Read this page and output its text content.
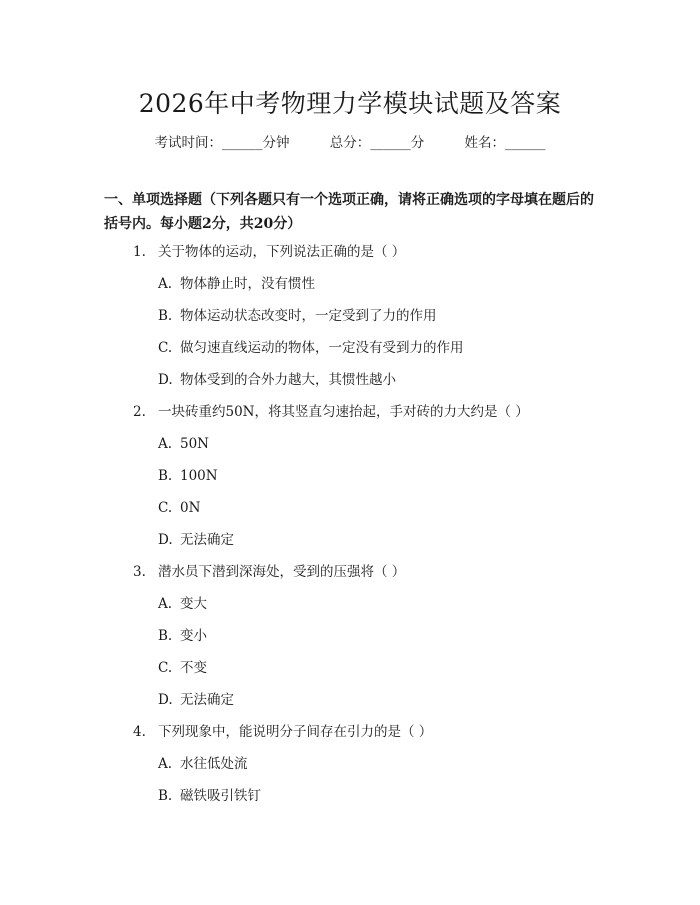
2026年中考物理力学模块试题及答案
考试时间：______分钟	总分：______分	姓名：______
一、单项选择题（下列各题只有一个选项正确，请将正确选项的字母填在题后的括号内。每小题2分，共20分）
1. 关于物体的运动，下列说法正确的是（ ）
A. 物体静止时，没有惯性
B. 物体运动状态改变时，一定受到了力的作用
C. 做匀速直线运动的物体，一定没有受到力的作用
D. 物体受到的合外力越大，其惯性越小
2. 一块砖重约50N，将其竖直匀速抬起，手对砖的力大约是（ ）
A. 50N
B. 100N
C. 0N
D. 无法确定
3. 潜水员下潜到深海处，受到的压强将（ ）
A. 变大
B. 变小
C. 不变
D. 无法确定
4. 下列现象中，能说明分子间存在引力的是（ ）
A. 水往低处流
B. 磁铁吸引铁钉
